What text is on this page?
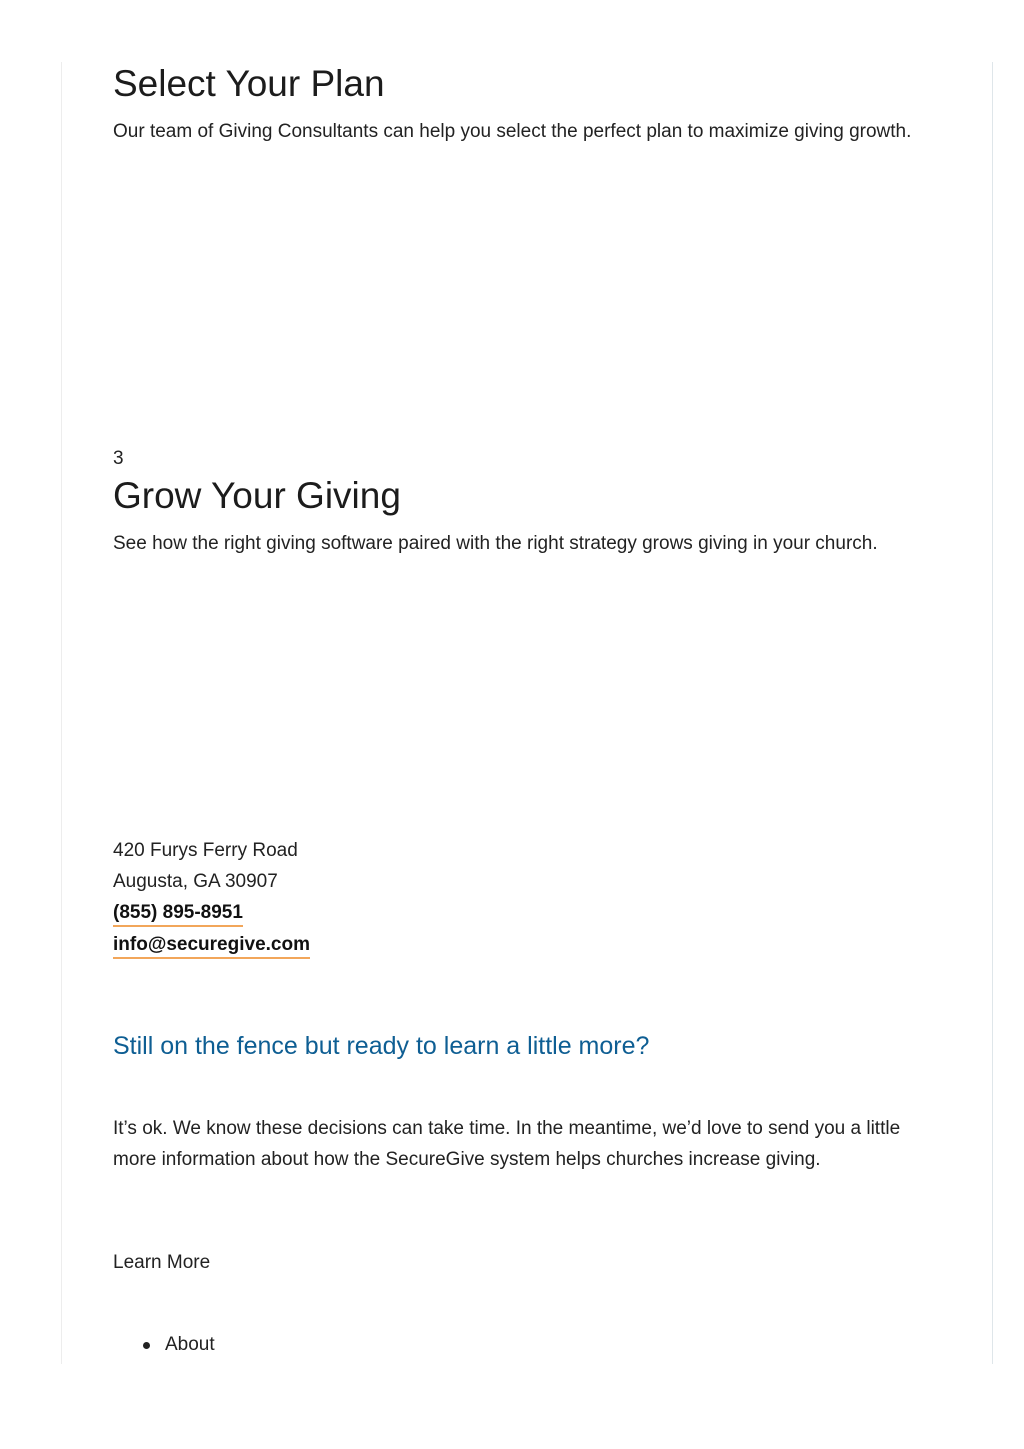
Select Your Plan

Our team of Giving Consultants can help you select the perfect plan to maximize giving growth.

3
Grow Your Giving

See how the right giving software paired with the right strategy grows giving in your church.

420 Furys Ferry Road
Augusta, GA 30907
(855) 895-8951
info@securegive.com
Still on the fence but ready to learn a little more?

It’s ok. We know these decisions can take time. In the meantime, we’d love to send you a little more information about how the SecureGive system helps churches increase giving.

Learn More
About
